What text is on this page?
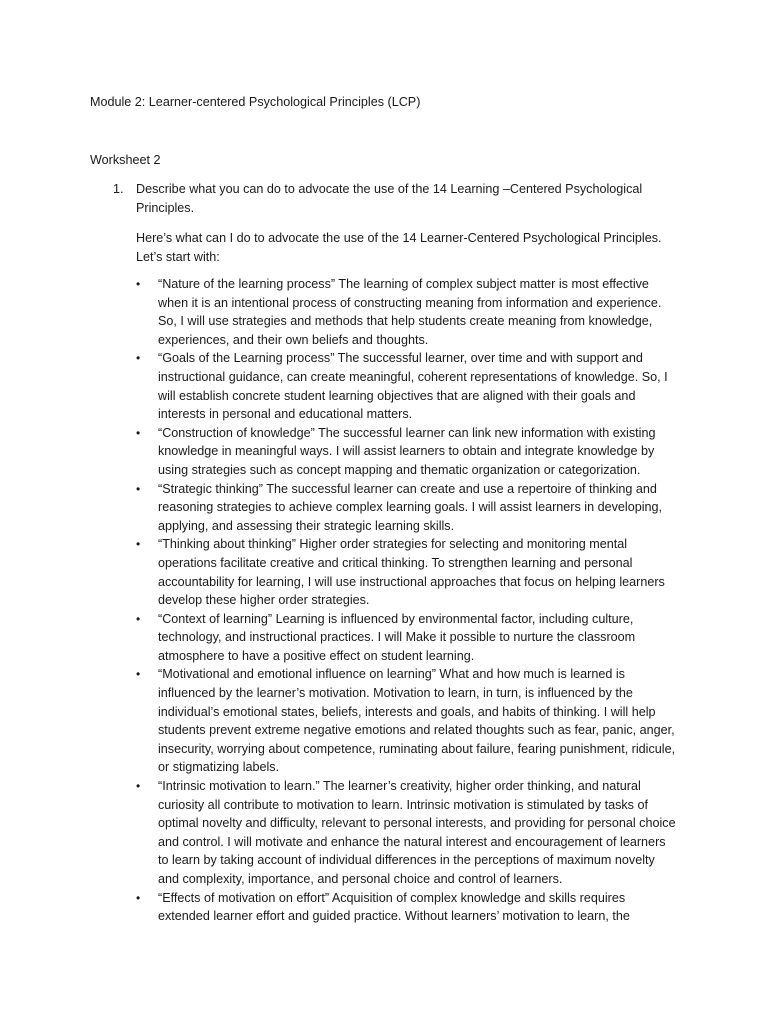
Module 2: Learner-centered Psychological Principles (LCP)
Worksheet 2
1. Describe what you can do to advocate the use of the 14 Learning –Centered Psychological Principles.

Here’s what can I do to advocate the use of the 14 Learner-Centered Psychological Principles. Let’s start with:

• “Nature of the learning process” The learning of complex subject matter is most effective when it is an intentional process of constructing meaning from information and experience. So, I will use strategies and methods that help students create meaning from knowledge, experiences, and their own beliefs and thoughts.
• “Goals of the Learning process” The successful learner, over time and with support and instructional guidance, can create meaningful, coherent representations of knowledge. So, I will establish concrete student learning objectives that are aligned with their goals and interests in personal and educational matters.
• “Construction of knowledge” The successful learner can link new information with existing knowledge in meaningful ways. I will assist learners to obtain and integrate knowledge by using strategies such as concept mapping and thematic organization or categorization.
• “Strategic thinking” The successful learner can create and use a repertoire of thinking and reasoning strategies to achieve complex learning goals. I will assist learners in developing, applying, and assessing their strategic learning skills.
• “Thinking about thinking” Higher order strategies for selecting and monitoring mental operations facilitate creative and critical thinking. To strengthen learning and personal accountability for learning, I will use instructional approaches that focus on helping learners develop these higher order strategies.
• “Context of learning” Learning is influenced by environmental factor, including culture, technology, and instructional practices. I will Make it possible to nurture the classroom atmosphere to have a positive effect on student learning.
• “Motivational and emotional influence on learning” What and how much is learned is influenced by the learner’s motivation. Motivation to learn, in turn, is influenced by the individual’s emotional states, beliefs, interests and goals, and habits of thinking. I will help students prevent extreme negative emotions and related thoughts such as fear, panic, anger, insecurity, worrying about competence, ruminating about failure, fearing punishment, ridicule, or stigmatizing labels.
• “Intrinsic motivation to learn.” The learner’s creativity, higher order thinking, and natural curiosity all contribute to motivation to learn. Intrinsic motivation is stimulated by tasks of optimal novelty and difficulty, relevant to personal interests, and providing for personal choice and control. I will motivate and enhance the natural interest and encouragement of learners to learn by taking account of individual differences in the perceptions of maximum novelty and complexity, importance, and personal choice and control of learners.
• “Effects of motivation on effort” Acquisition of complex knowledge and skills requires extended learner effort and guided practice. Without learners’ motivation to learn, the
